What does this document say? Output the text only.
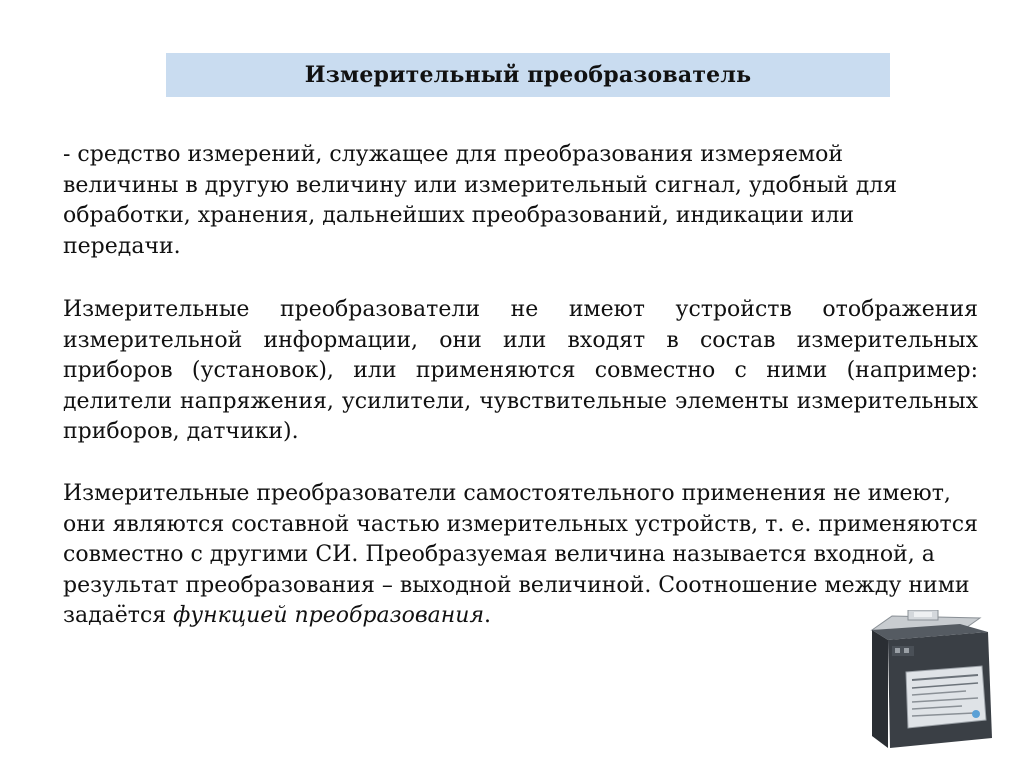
Измерительный преобразователь

- средство измерений, служащее для преобразования измеряемой величины в другую величину или измерительный сигнал, удобный для обработки, хранения, дальнейших преобразований, индикации или передачи.

Измерительные преобразователи не имеют устройств отображения измерительной информации, они или входят в состав измерительных приборов (установок), или применяются совместно с ними (например: делители напряжения, усилители, чувствительные элементы измерительных приборов, датчики).

Измерительные преобразователи самостоятельного применения не имеют, они являются составной частью измерительных устройств, т. е. применяются совместно с другими СИ. Преобразуемая величина называется входной, а результат преобразования – выходной величиной. Соотношение между ними задаётся функцией преобразования.
